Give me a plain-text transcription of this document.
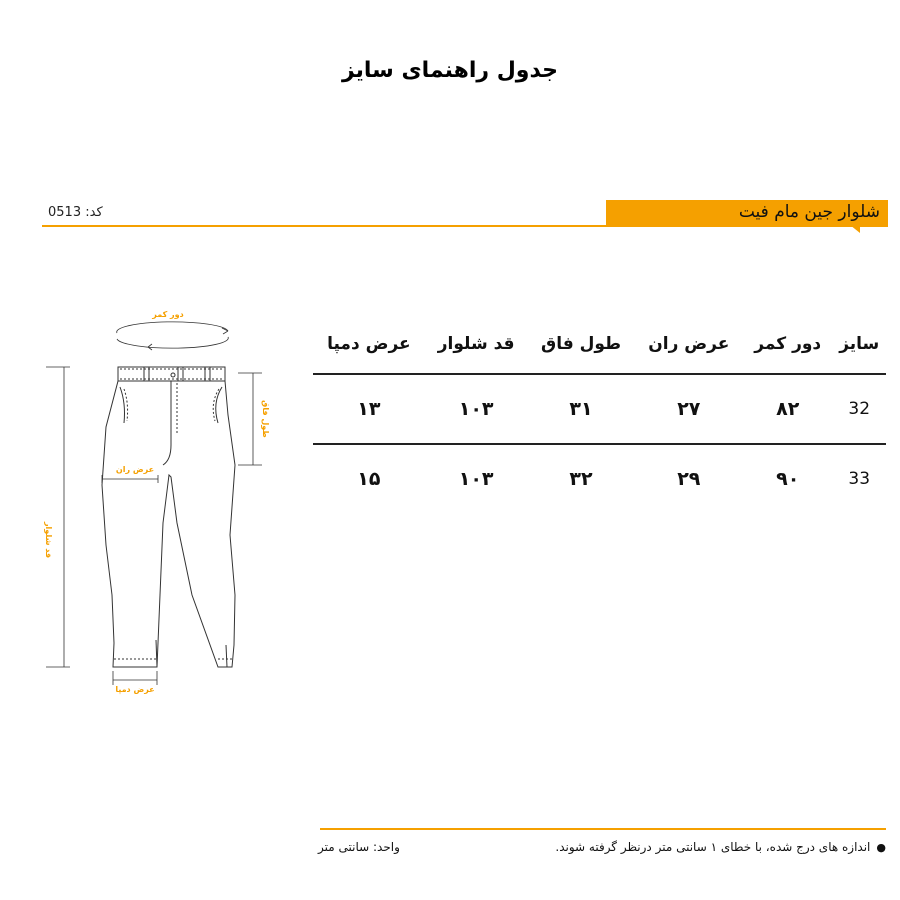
جدول راهنمای سایز
شلوار جین مام فیت
کد: 0513
دور کمر
قد شلوار
طول فاق
عرض ران
عرض دمپا
سایز	دور کمر	عرض ران	طول فاق	قد شلوار	عرض دمپا
32	۸۲	۲۷	۳۱	۱۰۳	۱۳
33	۹۰	۲۹	۳۲	۱۰۳	۱۵
●اندازه های درج شده، با خطای ۱ سانتی متر درنظر گرفته شوند.
واحد: سانتی متر
